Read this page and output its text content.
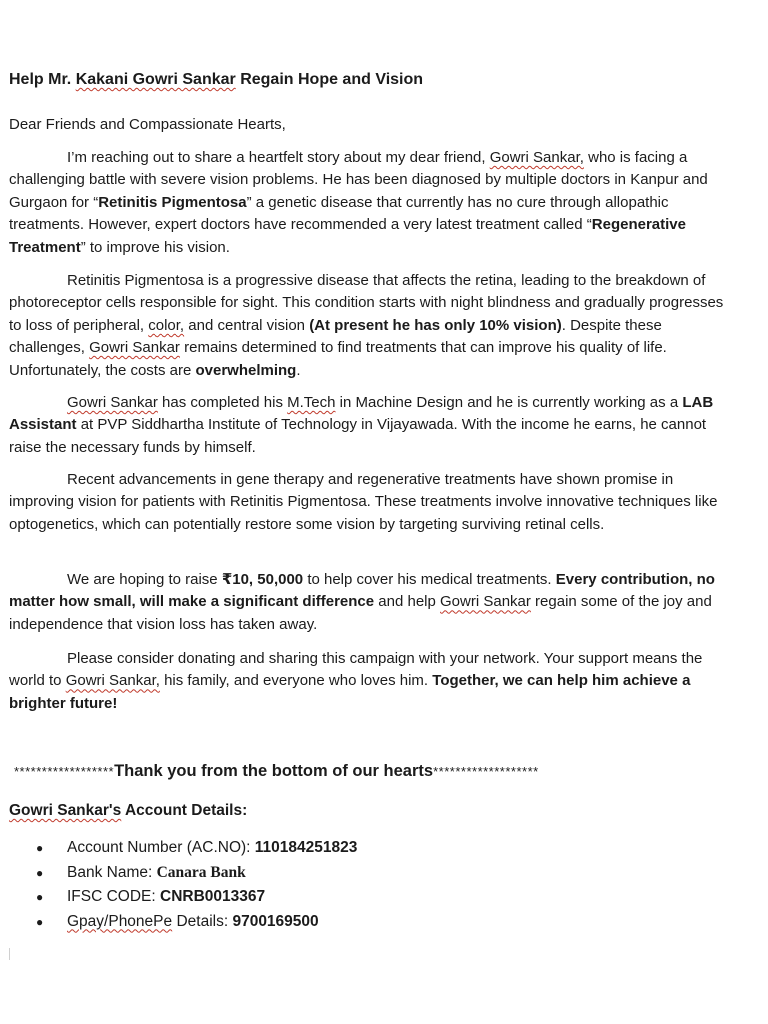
Help Mr. Kakani Gowri Sankar Regain Hope and Vision
Dear Friends and Compassionate Hearts,

I’m reaching out to share a heartfelt story about my dear friend, Gowri Sankar, who is facing a challenging battle with severe vision problems. He has been diagnosed by multiple doctors in Kanpur and Gurgaon for “Retinitis Pigmentosa” a genetic disease that currently has no cure through allopathic treatments. However, expert doctors have recommended a very latest treatment called “Regenerative Treatment” to improve his vision.

Retinitis Pigmentosa is a progressive disease that affects the retina, leading to the breakdown of photoreceptor cells responsible for sight. This condition starts with night blindness and gradually progresses to loss of peripheral, color, and central vision (At present he has only 10% vision). Despite these challenges, Gowri Sankar remains determined to find treatments that can improve his quality of life. Unfortunately, the costs are overwhelming.

Gowri Sankar has completed his M.Tech in Machine Design and he is currently working as a LAB Assistant at PVP Siddhartha Institute of Technology in Vijayawada. With the income he earns, he cannot raise the necessary funds by himself.

Recent advancements in gene therapy and regenerative treatments have shown promise in improving vision for patients with Retinitis Pigmentosa. These treatments involve innovative techniques like optogenetics, which can potentially restore some vision by targeting surviving retinal cells.

We are hoping to raise ₹10, 50,000 to help cover his medical treatments. Every contribution, no matter how small, will make a significant difference and help Gowri Sankar regain some of the joy and independence that vision loss has taken away.

Please consider donating and sharing this campaign with your network. Your support means the world to Gowri Sankar, his family, and everyone who loves him. Together, we can help him achieve a brighter future!

******************Thank you from the bottom of our hearts*******************
Gowri Sankar's Account Details:
● Account Number (AC.NO): 110184251823
● Bank Name: Canara Bank
● IFSC CODE: CNRB0013367
● Gpay/PhonePe Details: 9700169500
